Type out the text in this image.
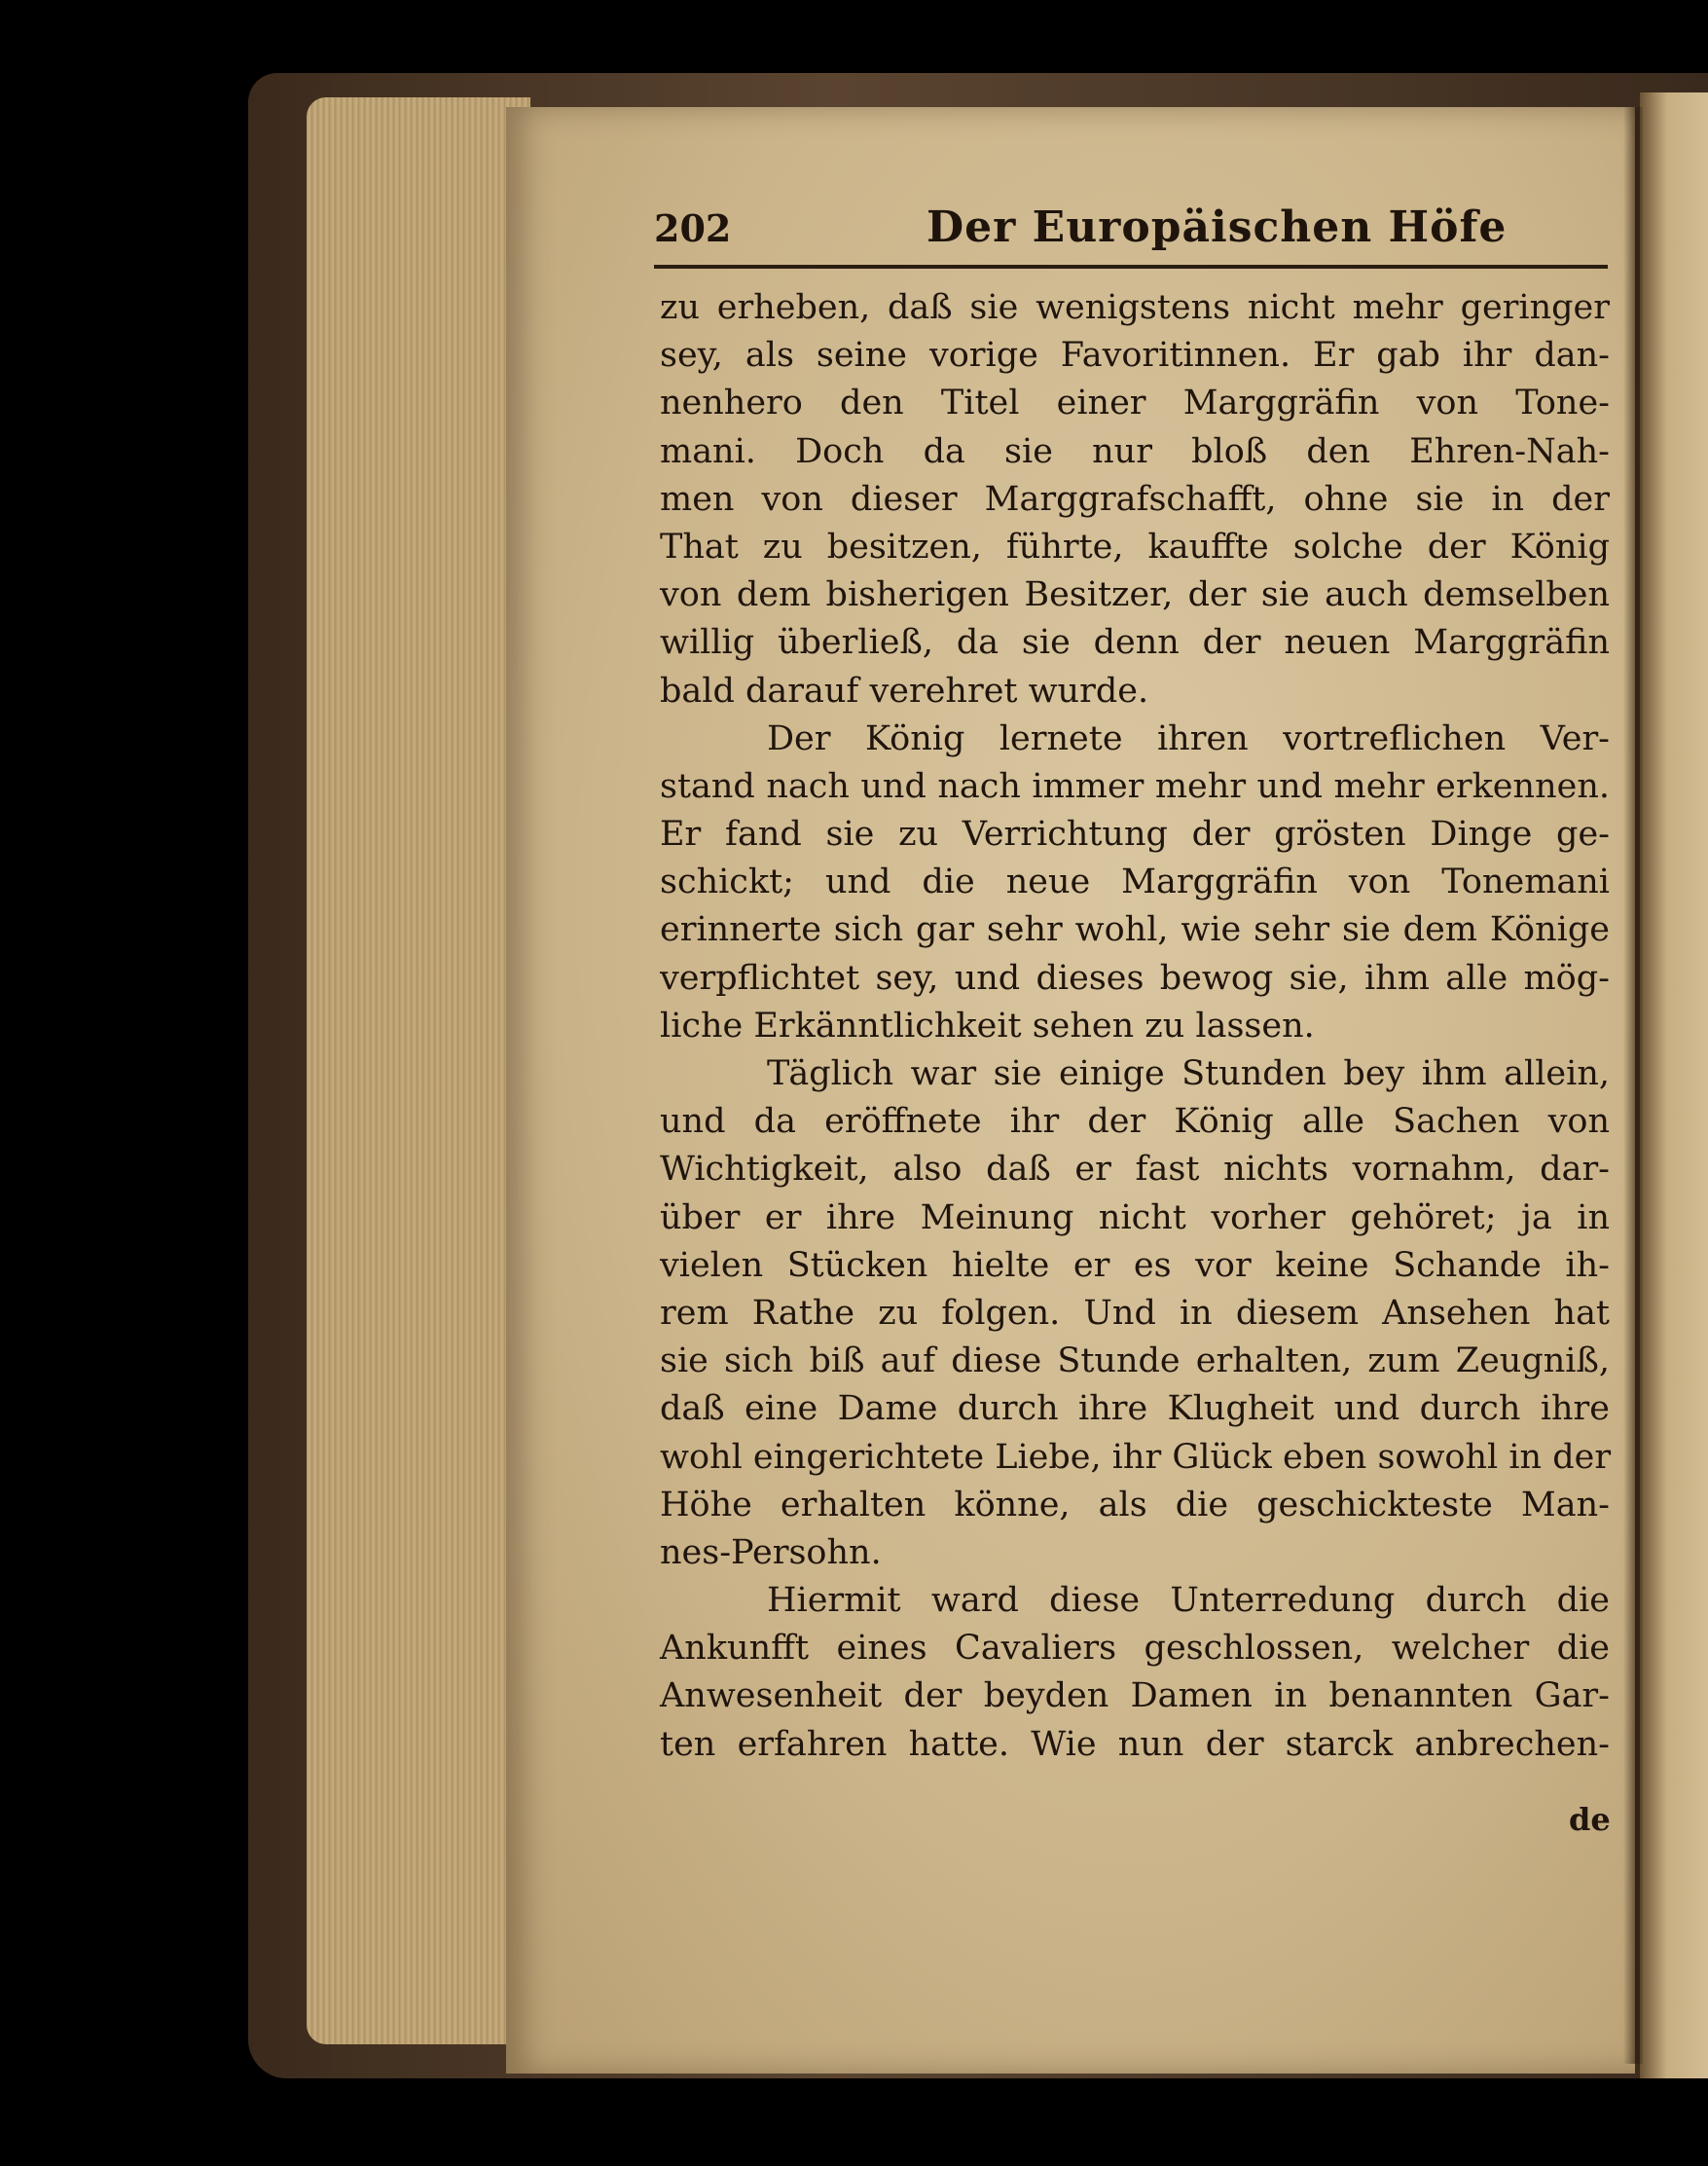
202	Der Europäischen Höfe
zu erheben, daß sie wenigstens nicht mehr geringer
sey, als seine vorige Favoritinnen. Er gab ihr dan-
nenhero den Titel einer Marggräfin von Tone-
mani. Doch da sie nur bloß den Ehren-Nah-
men von dieser Marggrafschafft, ohne sie in der
That zu besitzen, führte, kauffte solche der König
von dem bisherigen Besitzer, der sie auch demselben
willig überließ, da sie denn der neuen Marggräfin
bald darauf verehret wurde.
Der König lernete ihren vortreflichen Ver-
stand nach und nach immer mehr und mehr erkennen.
Er fand sie zu Verrichtung der grösten Dinge ge-
schickt; und die neue Marggräfin von Tonemani
erinnerte sich gar sehr wohl, wie sehr sie dem Könige
verpflichtet sey, und dieses bewog sie, ihm alle mög-
liche Erkänntlichkeit sehen zu lassen.
Täglich war sie einige Stunden bey ihm allein,
und da eröffnete ihr der König alle Sachen von
Wichtigkeit, also daß er fast nichts vornahm, dar-
über er ihre Meinung nicht vorher gehöret; ja in
vielen Stücken hielte er es vor keine Schande ih-
rem Rathe zu folgen. Und in diesem Ansehen hat
sie sich biß auf diese Stunde erhalten, zum Zeugniß,
daß eine Dame durch ihre Klugheit und durch ihre
wohl eingerichtete Liebe, ihr Glück eben sowohl in der
Höhe erhalten könne, als die geschickteste Man-
nes-Persohn.
Hiermit ward diese Unterredung durch die
Ankunfft eines Cavaliers geschlossen, welcher die
Anwesenheit der beyden Damen in benannten Gar-
ten erfahren hatte. Wie nun der starck anbrechen-
de
